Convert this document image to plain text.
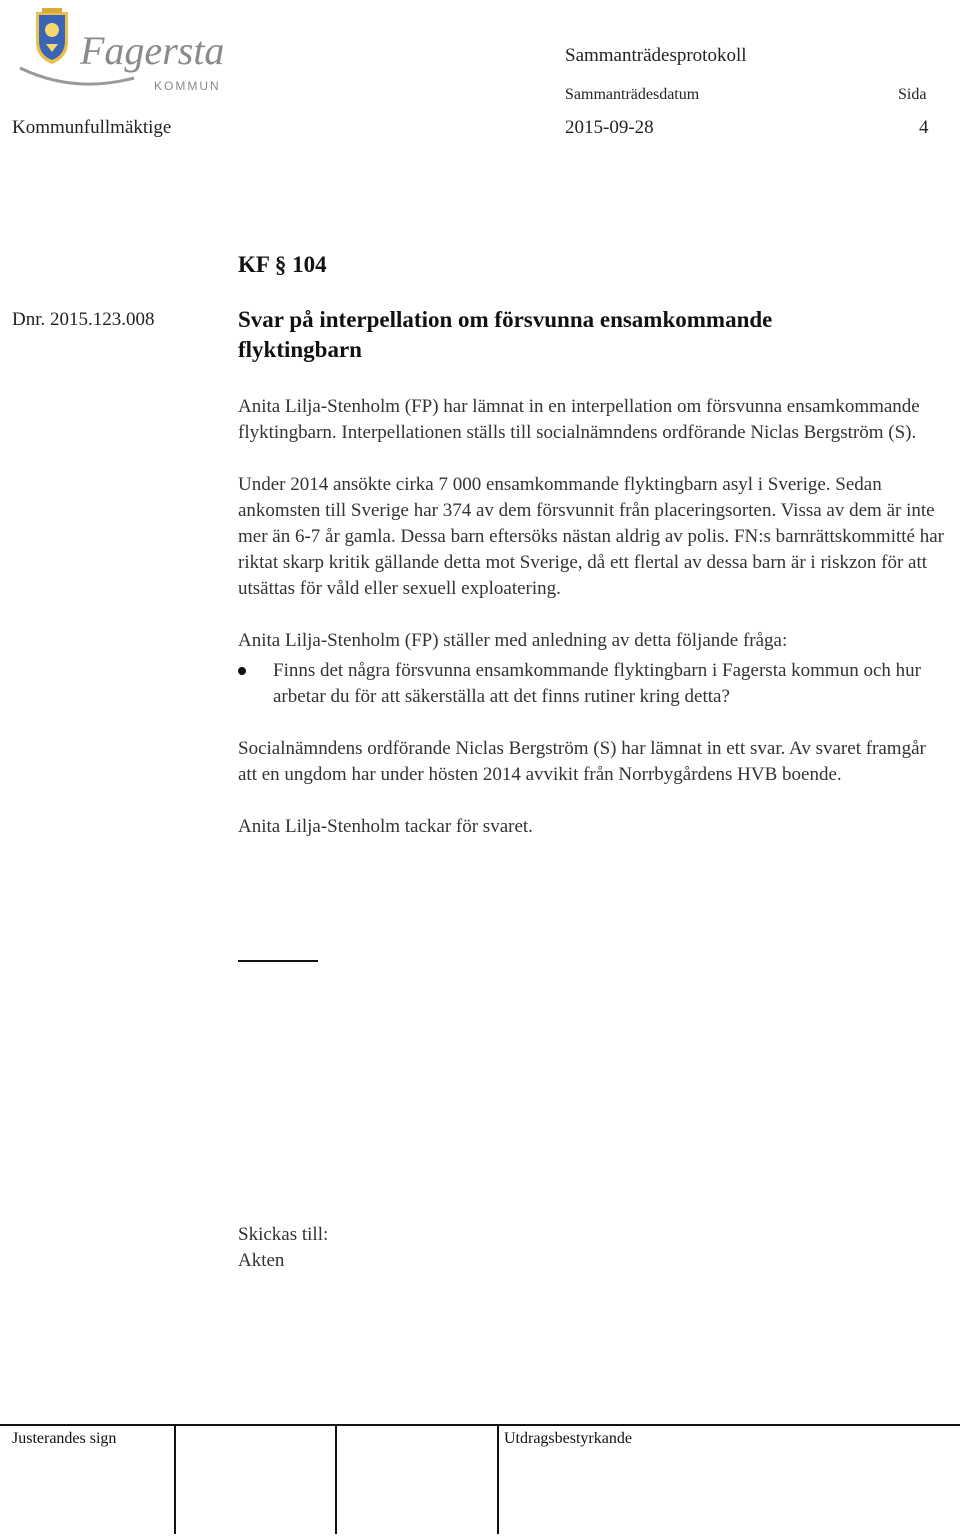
Fagersta
KOMMUN
Sammanträdesprotokoll
Sammanträdesdatum	Sida
Kommunfullmäktige	2015-09-28	4
KF § 104
Dnr. 2015.123.008	Svar på interpellation om försvunna ensamkommande flyktingbarn

Anita Lilja-Stenholm (FP) har lämnat in en interpellation om försvunna ensamkommande flyktingbarn. Interpellationen ställs till socialnämndens ordförande Niclas Bergström (S).

Under 2014 ansökte cirka 7 000 ensamkommande flyktingbarn asyl i Sverige. Sedan ankomsten till Sverige har 374 av dem försvunnit från placeringsorten. Vissa av dem är inte mer än 6-7 år gamla. Dessa barn eftersöks nästan aldrig av polis. FN:s barnrättskommitté har riktat skarp kritik gällande detta mot Sverige, då ett flertal av dessa barn är i riskzon för att utsättas för våld eller sexuell exploatering.

Anita Lilja-Stenholm (FP) ställer med anledning av detta följande fråga:

Finns det några försvunna ensamkommande flyktingbarn i Fagersta kommun och hur arbetar du för att säkerställa att det finns rutiner kring detta?

Socialnämndens ordförande Niclas Bergström (S) har lämnat in ett svar. Av svaret framgår att en ungdom har under hösten 2014 avvikit från Norrbygårdens HVB boende.

Anita Lilja-Stenholm tackar för svaret.

Skickas till:

Akten

Justerandes sign	Utdragsbestyrkande
